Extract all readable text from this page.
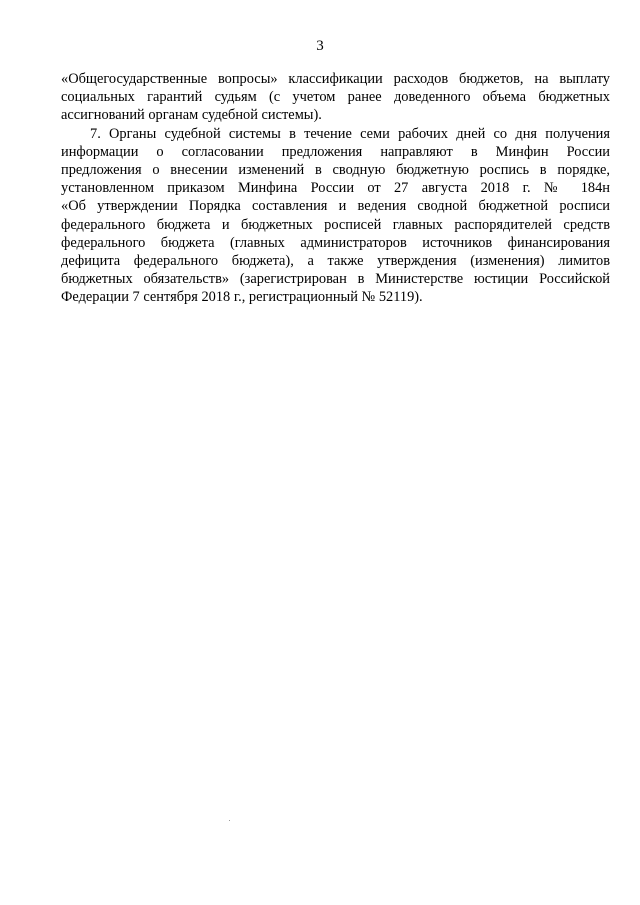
3
«Общегосударственные вопросы» классификации расходов бюджетов, на выплату
социальных гарантий судьям (с учетом ранее доведенного объема бюджетных
ассигнований органам судебной системы).
7. Органы судебной системы в течение семи рабочих дней со дня получения
информации о согласовании предложения направляют в Минфин России
предложения о внесении изменений в сводную бюджетную роспись в порядке,
установленном приказом Минфина России от 27 августа 2018 г. № 184н
«Об утверждении Порядка составления и ведения сводной бюджетной росписи
федерального бюджета и бюджетных росписей главных распорядителей средств
федерального бюджета (главных администраторов источников финансирования
дефицита федерального бюджета), а также утверждения (изменения) лимитов
бюджетных обязательств» (зарегистрирован в Министерстве юстиции Российской
Федерации 7 сентября 2018 г., регистрационный № 52119).
